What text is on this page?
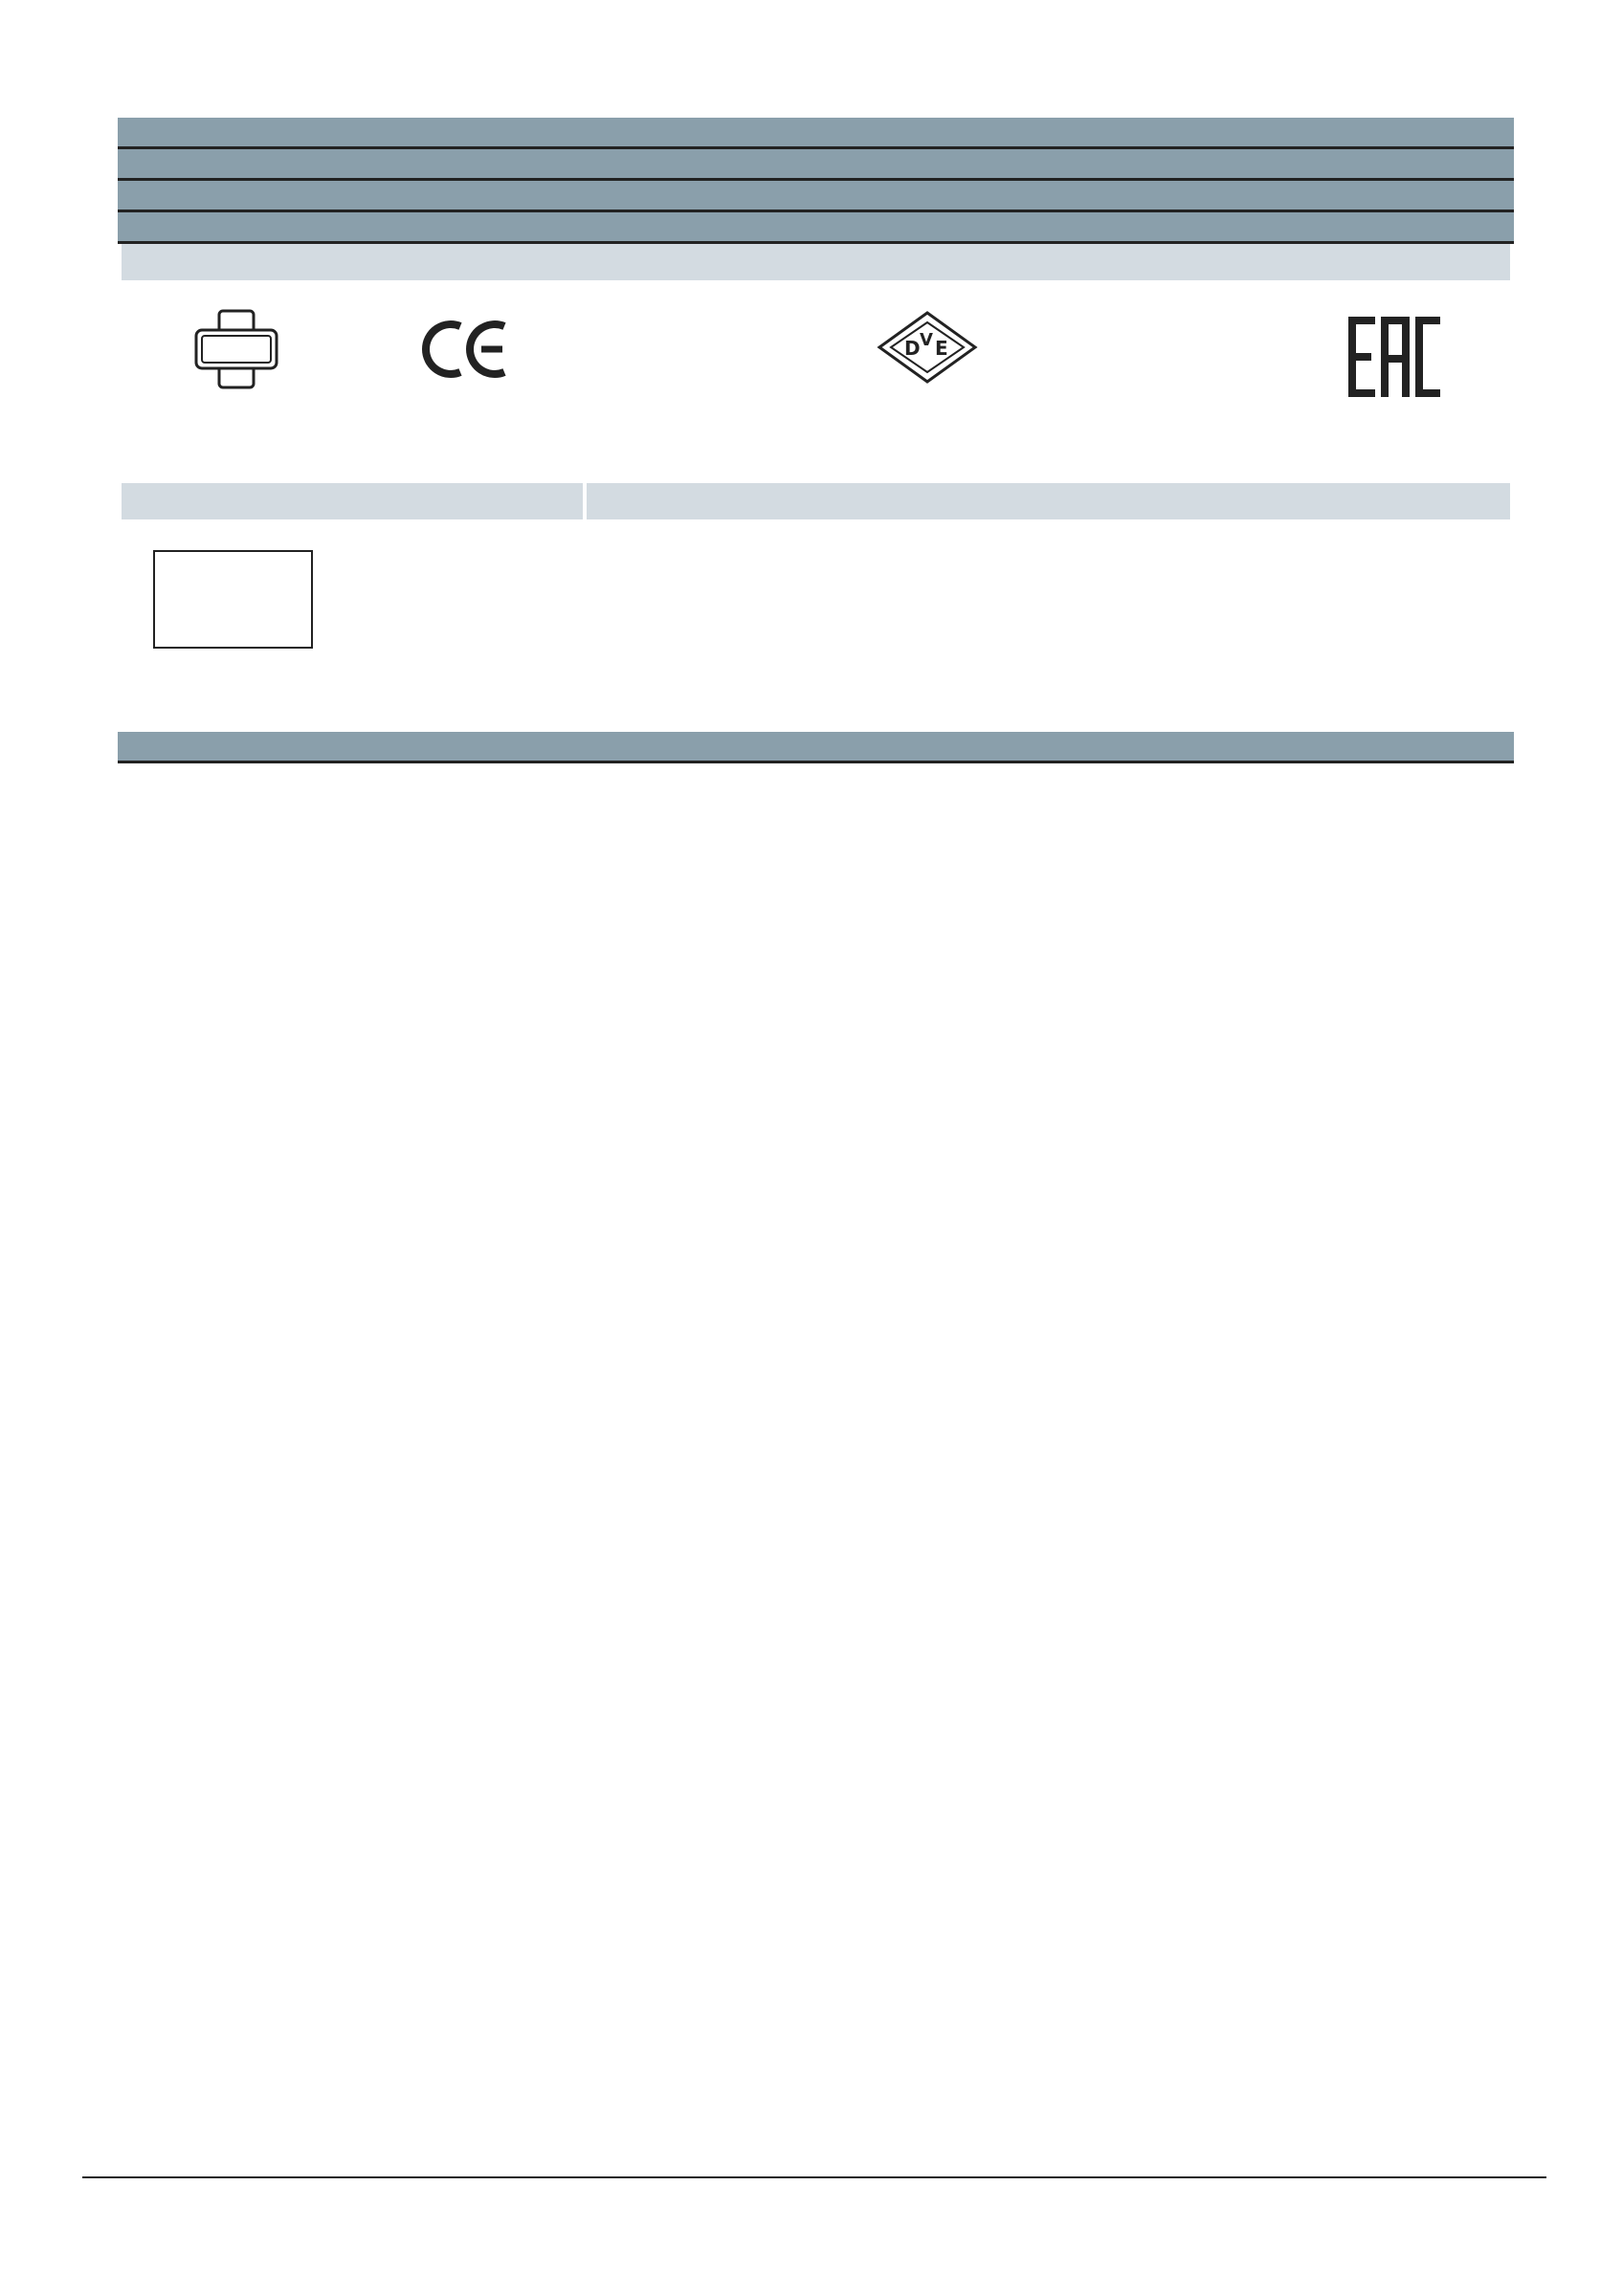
D V E
